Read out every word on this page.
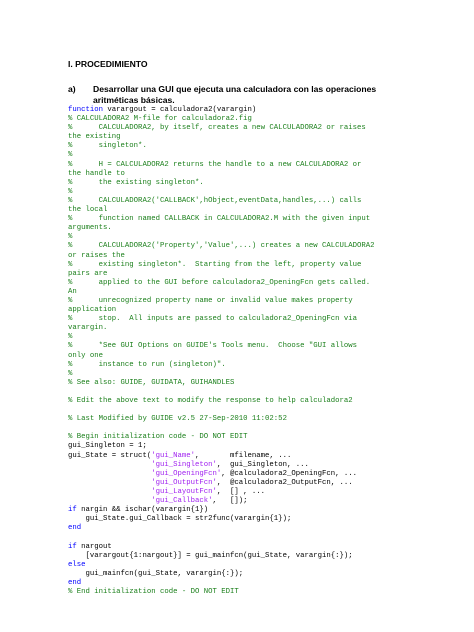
I. PROCEDIMIENTO
a)	Desarrollar una GUI que ejecuta una calculadora con las operaciones aritméticas básicas.
function varargout = calculadora2(varargin)
% CALCULADORA2 M-file for calculadora2.fig
%      CALCULADORA2, by itself, creates a new CALCULADORA2 or raises
the existing
%      singleton*.
%
%      H = CALCULADORA2 returns the handle to a new CALCULADORA2 or
the handle to
%      the existing singleton*.
%
%      CALCULADORA2('CALLBACK',hObject,eventData,handles,...) calls
the local
%      function named CALLBACK in CALCULADORA2.M with the given input
arguments.
%
%      CALCULADORA2('Property','Value',...) creates a new CALCULADORA2
or raises the
%      existing singleton*.  Starting from the left, property value
pairs are
%      applied to the GUI before calculadora2_OpeningFcn gets called.
An
%      unrecognized property name or invalid value makes property
application
%      stop.  All inputs are passed to calculadora2_OpeningFcn via
varargin.
%
%      *See GUI Options on GUIDE's Tools menu.  Choose "GUI allows
only one
%      instance to run (singleton)".
%
% See also: GUIDE, GUIDATA, GUIHANDLES

% Edit the above text to modify the response to help calculadora2

% Last Modified by GUIDE v2.5 27-Sep-2010 11:02:52

% Begin initialization code - DO NOT EDIT
gui_Singleton = 1;
gui_State = struct('gui_Name',       mfilename, ...
'gui_Singleton',  gui_Singleton, ...
'gui_OpeningFcn', @calculadora2_OpeningFcn, ...
'gui_OutputFcn',  @calculadora2_OutputFcn, ...
'gui_LayoutFcn',  [] , ...
'gui_Callback',   []);
if nargin && ischar(varargin{1})
gui_State.gui_Callback = str2func(varargin{1});
end

if nargout
[varargout{1:nargout}] = gui_mainfcn(gui_State, varargin{:});
else
gui_mainfcn(gui_State, varargin{:});
end
% End initialization code - DO NOT EDIT
